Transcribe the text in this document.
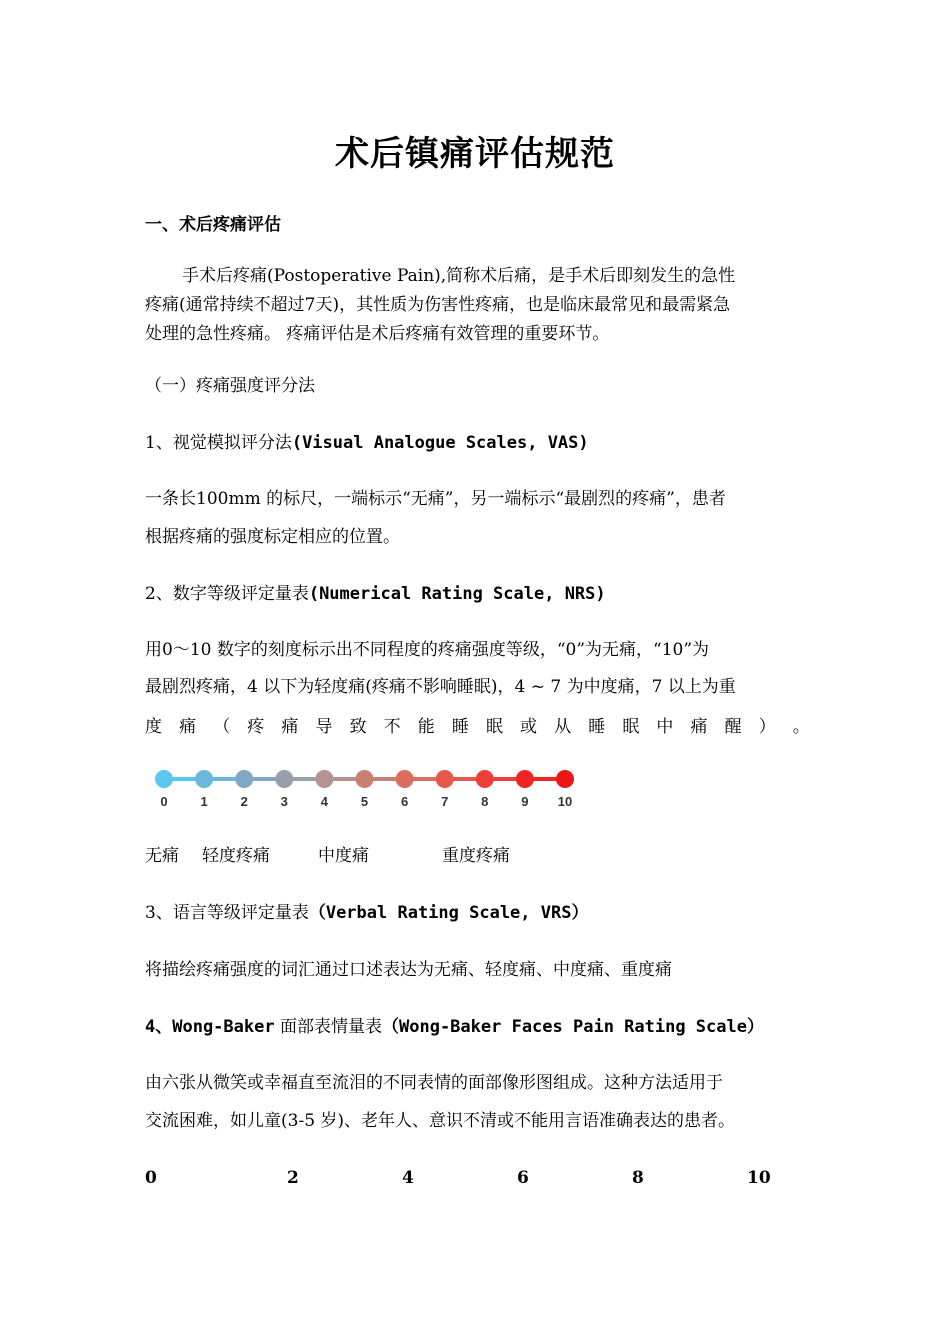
术后镇痛评估规范
一、术后疼痛评估
手术后疼痛(Postoperative Pain),简称术后痛，是手术后即刻发生的急性
疼痛(通常持续不超过7天)，其性质为伤害性疼痛，也是临床最常见和最需紧急
处理的急性疼痛。 疼痛评估是术后疼痛有效管理的重要环节。
（一）疼痛强度评分法
1、视觉模拟评分法(Visual Analogue Scales, VAS)
一条长100mm 的标尺，一端标示“无痛”，另一端标示“最剧烈的疼痛”，患者
根据疼痛的强度标定相应的位置。
2、数字等级评定量表(Numerical Rating Scale, NRS)
用0～10 数字的刻度标示出不同程度的疼痛强度等级，“0”为无痛，“10”为
最剧烈疼痛，4 以下为轻度痛(疼痛不影响睡眠)，4 ~ 7 为中度痛，7 以上为重
度 痛 （ 疼 痛 导 致 不 能 睡 眠 或 从 睡 眠 中 痛 醒 ） 。
0	1	2	3	4	5	6	7	8	9 10
无痛 轻度疼痛	中度痛	重度疼痛
3、语言等级评定量表（Verbal Rating Scale, VRS）
将描绘疼痛强度的词汇通过口述表达为无痛、轻度痛、中度痛、重度痛
4、Wong-Baker 面部表情量表（Wong-Baker Faces Pain Rating Scale）
由六张从微笑或幸福直至流泪的不同表情的面部像形图组成。这种方法适用于
交流困难，如儿童(3-5 岁)、老年人、意识不清或不能用言语准确表达的患者。
0	2	4	6	8	10
